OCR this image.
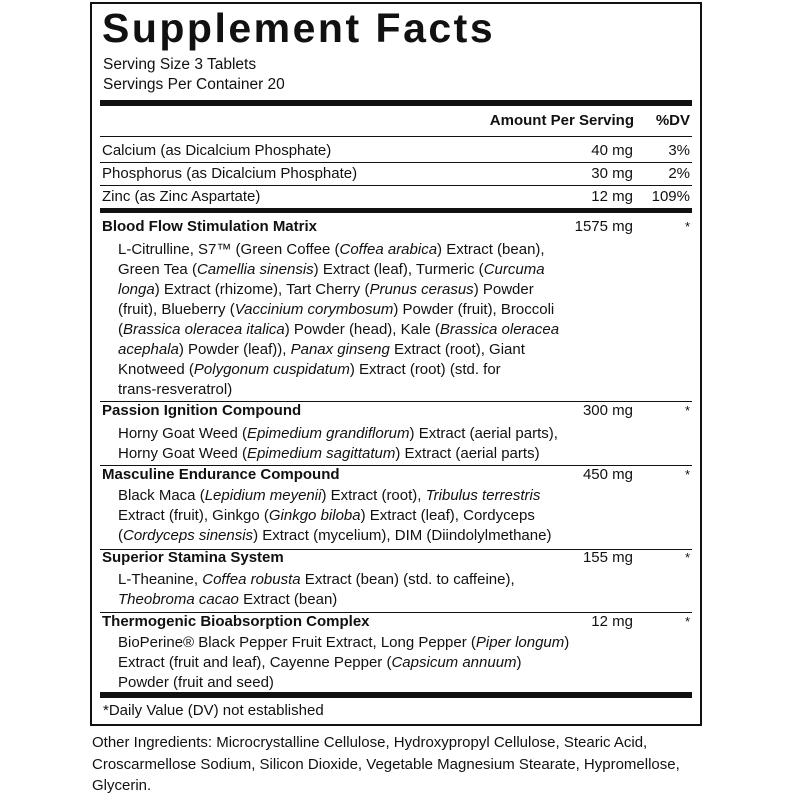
Supplement Facts
Serving Size 3 Tablets
Servings Per Container 20
Amount Per Serving %DV
Calcium (as Dicalcium Phosphate)	40 mg 3%
Phosphorus (as Dicalcium Phosphate)	30 mg 2%
Zinc (as Zinc Aspartate)	12 mg 109%
Blood Flow Stimulation Matrix	1575 mg	*

L-Citrulline, S7™ (Green Coffee (Coffea arabica) Extract (bean),

Green Tea (Camellia sinensis) Extract (leaf), Turmeric (Curcuma

longa) Extract (rhizome), Tart Cherry (Prunus cerasus) Powder

(fruit), Blueberry (Vaccinium corymbosum) Powder (fruit), Broccoli

(Brassica oleracea italica) Powder (head), Kale (Brassica oleracea

acephala) Powder (leaf)), Panax ginseng Extract (root), Giant

Knotweed (Polygonum cuspidatum) Extract (root) (std. for

trans-resveratrol)

Passion Ignition Compound	300 mg	*

Horny Goat Weed (Epimedium grandiflorum) Extract (aerial parts),

Horny Goat Weed (Epimedium sagittatum) Extract (aerial parts)

Masculine Endurance Compound	450 mg	*

Black Maca (Lepidium meyenii) Extract (root), Tribulus terrestris

Extract (fruit), Ginkgo (Ginkgo biloba) Extract (leaf), Cordyceps

(Cordyceps sinensis) Extract (mycelium), DIM (Diindolylmethane)

Superior Stamina System	155 mg	*

L-Theanine, Coffea robusta Extract (bean) (std. to caffeine),

Theobroma cacao Extract (bean)

Thermogenic Bioabsorption Complex	12 mg	*

BioPerine® Black Pepper Fruit Extract, Long Pepper (Piper longum)

Extract (fruit and leaf), Cayenne Pepper (Capsicum annuum)

Powder (fruit and seed)

*Daily Value (DV) not established

Other Ingredients: Microcrystalline Cellulose, Hydroxypropyl Cellulose, Stearic Acid,

Croscarmellose Sodium, Silicon Dioxide, Vegetable Magnesium Stearate, Hypromellose,

Glycerin.
